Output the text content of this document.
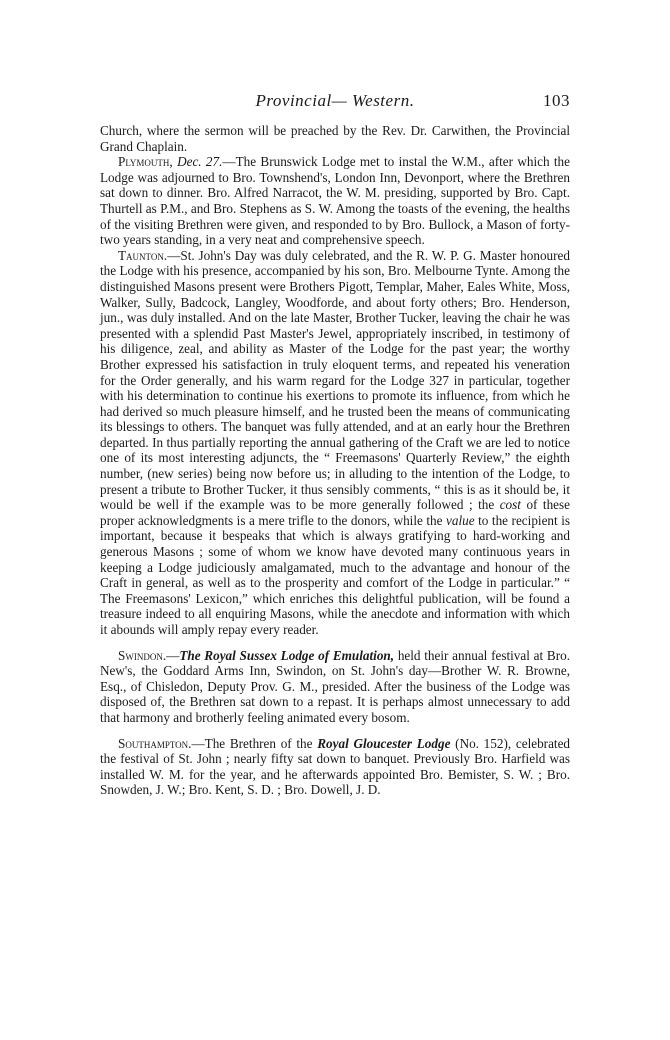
Provincial— Western.	103

Church, where the sermon will be preached by the Rev. Dr. Carwithen, the Provincial Grand Chaplain.

Plymouth, Dec. 27.—The Brunswick Lodge met to instal the W.M., after which the Lodge was adjourned to Bro. Townshend's, London Inn, Devonport, where the Brethren sat down to dinner. Bro. Alfred Narracot, the W. M. presiding, supported by Bro. Capt. Thurtell as P.M., and Bro. Stephens as S. W. Among the toasts of the evening, the healths of the visiting Brethren were given, and responded to by Bro. Bullock, a Mason of forty-two years standing, in a very neat and comprehensive speech.

Taunton.—St. John's Day was duly celebrated, and the R. W. P. G. Master honoured the Lodge with his presence, accompanied by his son, Bro. Melbourne Tynte. Among the distinguished Masons present were Brothers Pigott, Templar, Maher, Eales White, Moss, Walker, Sully, Badcock, Langley, Woodforde, and about forty others; Bro. Henderson, jun., was duly installed. And on the late Master, Brother Tucker, leaving the chair he was presented with a splendid Past Master's Jewel, appropriately inscribed, in testimony of his diligence, zeal, and ability as Master of the Lodge for the past year; the worthy Brother expressed his satisfaction in truly eloquent terms, and repeated his veneration for the Order generally, and his warm regard for the Lodge 327 in particular, together with his determination to continue his exertions to promote its influence, from which he had derived so much pleasure himself, and he trusted been the means of communicating its blessings to others. The banquet was fully attended, and at an early hour the Brethren departed. In thus partially reporting the annual gathering of the Craft we are led to notice one of its most interesting adjuncts, the “ Freemasons' Quarterly Review,” the eighth number, (new series) being now before us; in alluding to the intention of the Lodge, to present a tribute to Brother Tucker, it thus sensibly comments, “ this is as it should be, it would be well if the example was to be more generally followed ; the cost of these proper acknowledgments is a mere trifle to the donors, while the value to the recipient is important, because it bespeaks that which is always gratifying to hard-working and generous Masons ; some of whom we know have devoted many continuous years in keeping a Lodge judiciously amalgamated, much to the advantage and honour of the Craft in general, as well as to the prosperity and comfort of the Lodge in particular.” “ The Freemasons' Lexicon,” which enriches this delightful publication, will be found a treasure indeed to all enquiring Masons, while the anecdote and information with which it abounds will amply repay every reader.

Swindon.—The Royal Sussex Lodge of Emulation, held their annual festival at Bro. New's, the Goddard Arms Inn, Swindon, on St. John's day—Brother W. R. Browne, Esq., of Chisledon, Deputy Prov. G. M., presided. After the business of the Lodge was disposed of, the Brethren sat down to a repast. It is perhaps almost unnecessary to add that harmony and brotherly feeling animated every bosom.

Southampton.—The Brethren of the Royal Gloucester Lodge (No. 152), celebrated the festival of St. John ; nearly fifty sat down to banquet. Previously Bro. Harfield was installed W. M. for the year, and he afterwards appointed Bro. Bemister, S. W. ; Bro. Snowden, J. W.; Bro. Kent, S. D. ; Bro. Dowell, J. D.
